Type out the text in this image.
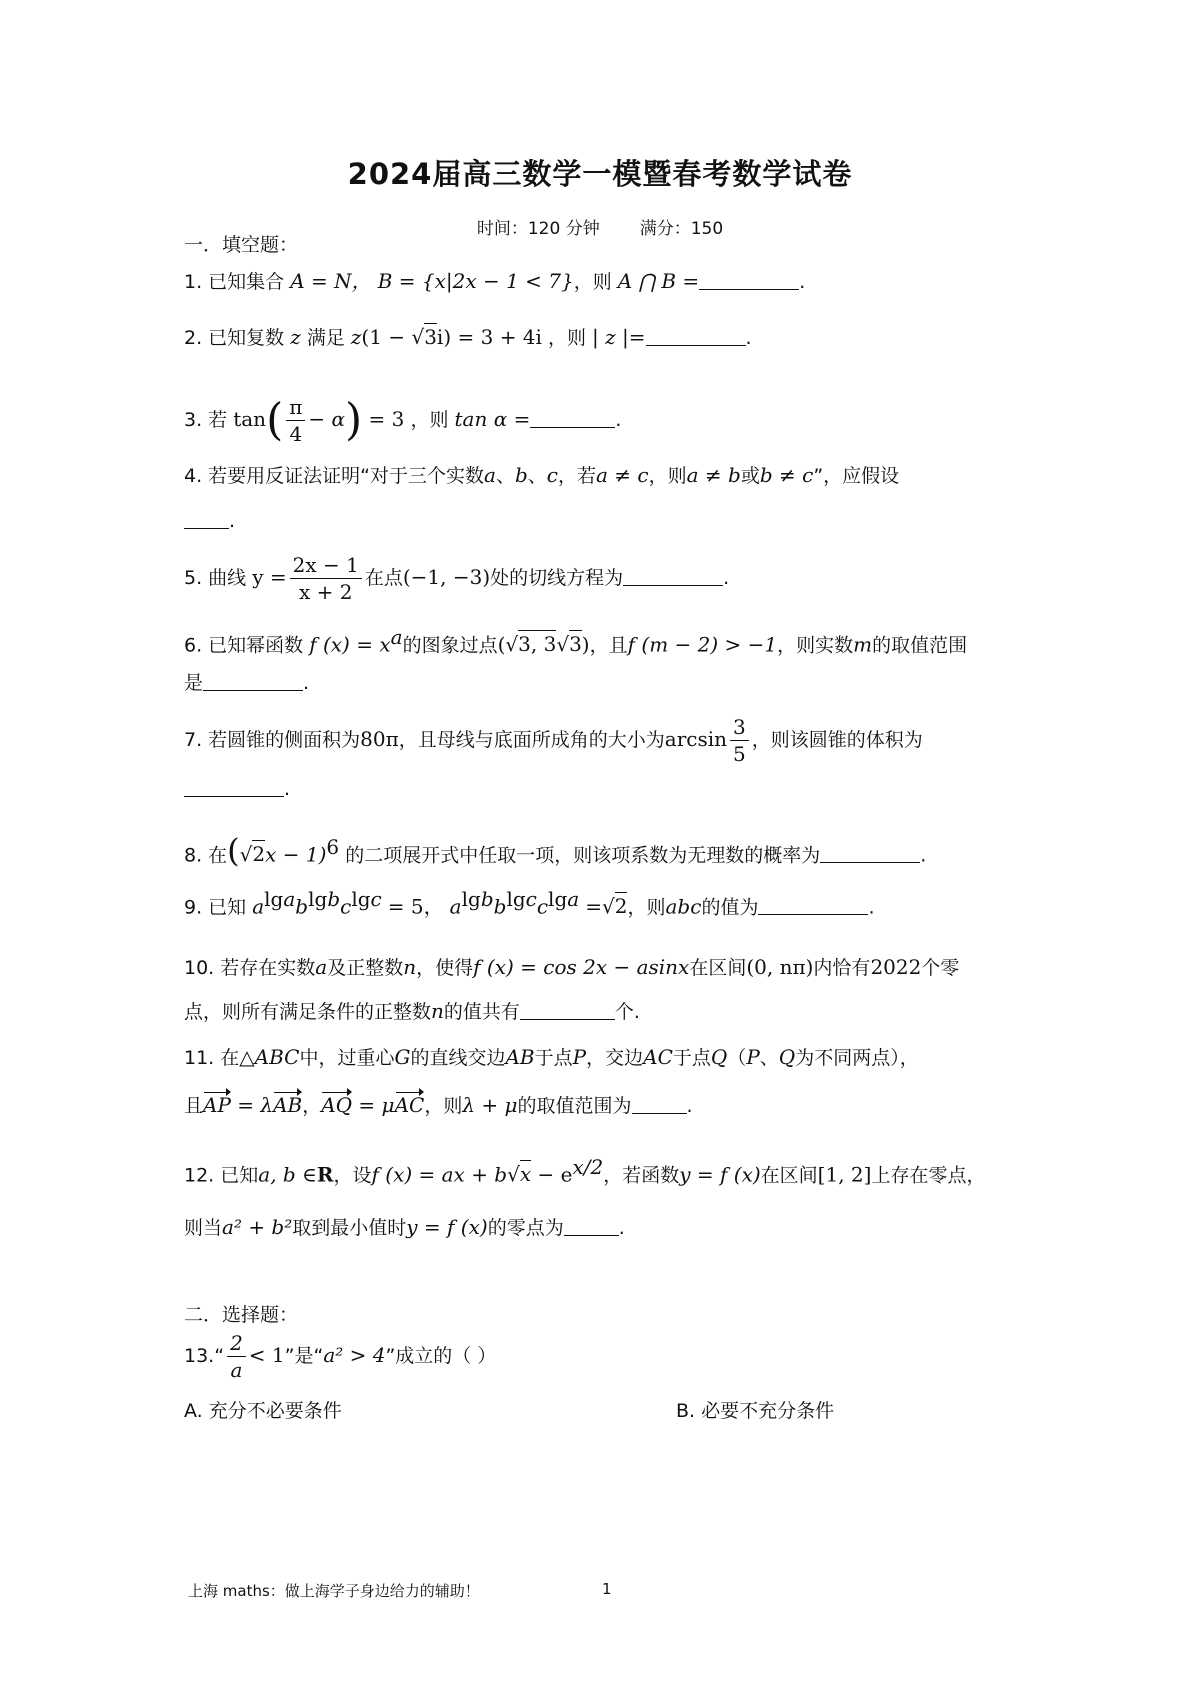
2024届高三数学一模暨春考数学试卷
时间：120 分钟 满分：150
一．填空题：
1. 已知集合 A = N， B = {x|2x − 1 < 7}，则 A ⋂ B =	.
2. 已知复数 z 满足 z(1 − √3i) = 3 + 4i ，则 | z |=	.
3. 若 $\tan( \frac{\pi}{4} - \alpha) = 3$ ，则 tan α =	.
4. 若要用反证法证明“对于三个实数a、b、c，若a ≠ c，则a ≠ b或b ≠ c”，应假设
.
5. 曲线 $y = \frac{2x - 1}{x + 2}$ 在点(−1, −3)处的切线方程为	.
6. 已知幂函数 f $(x) = x^a$的图象过点(√3, 3√3)，且f (m − 2) > −1，则实数m的取值范围
是	.
7. 若圆锥的侧面积为80π，且母线与底面所成角的大小为$\arcsin \frac{3}{5}$ ，则该圆锥的体积为
.
8. 在$(√2x - 1)^6$ 的二项展开式中任取一项，则该项系数为无理数的概率为	.
9. 已知 $a^{lga}b^{lgb}c^{lgc} = 5$， $a^{lgb}b^{lgc}c^{lga} =√2$，则abc的值为	.
10. 若存在实数a及正整数n，使得f (x) = cos 2x − asinx在区间(0, nπ)内恰有2022个零
点，则所有满足条件的正整数n的值共有	个.
11. 在△ABC中，过重心G的直线交边AB于点P，交边AC于点Q（P、Q为不同两点），
且AP = λAB，AQ = μAC，则λ + μ的取值范围为	.
12. 已知a, b ∈R，设f (x) = ax + $b√x - e^{x/2}$，若函数y = f (x)在区间[1, 2]上存在零点，
则当a² + b²取到最小值时y = f (x)的零点为	.
二．选择题：
13.“ $\frac{2}{a} < 1$”是“a² > 4”成立的（ ）
A. 充分不必要条件	B. 必要不充分条件
上海 maths：做上海学子身边给力的辅助！	1
